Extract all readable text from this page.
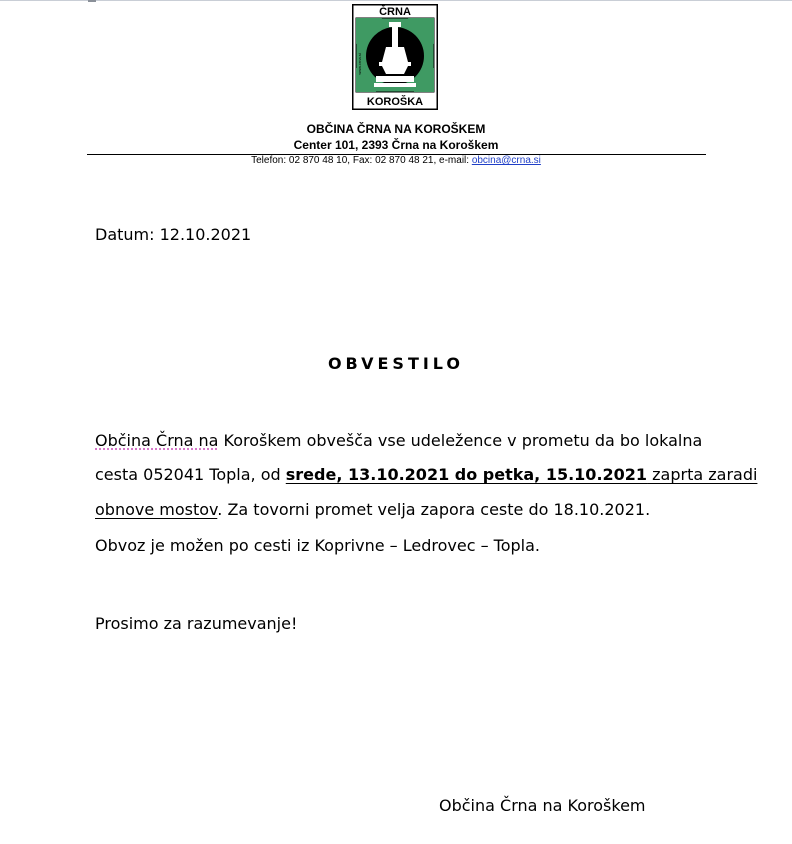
ČRNA
www.crna.si
KOROŠKA
OBČINA ČRNA NA KOROŠKEM
Center 101, 2393 Črna na Koroškem
Telefon: 02 870 48 10, Fax: 02 870 48 21, e-mail: obcina@crna.si
Datum: 12.10.2021
OBVESTILO
Občina Črna na Koroškem obvešča vse udeležence v prometu da bo lokalna
cesta 052041 Topla, od srede, 13.10.2021 do petka, 15.10.2021 zaprta zaradi
obnove mostov. Za tovorni promet velja zapora ceste do 18.10.2021.
Obvoz je možen po cesti iz Koprivne – Ledrovec – Topla.
Prosimo za razumevanje!
Občina Črna na Koroškem
